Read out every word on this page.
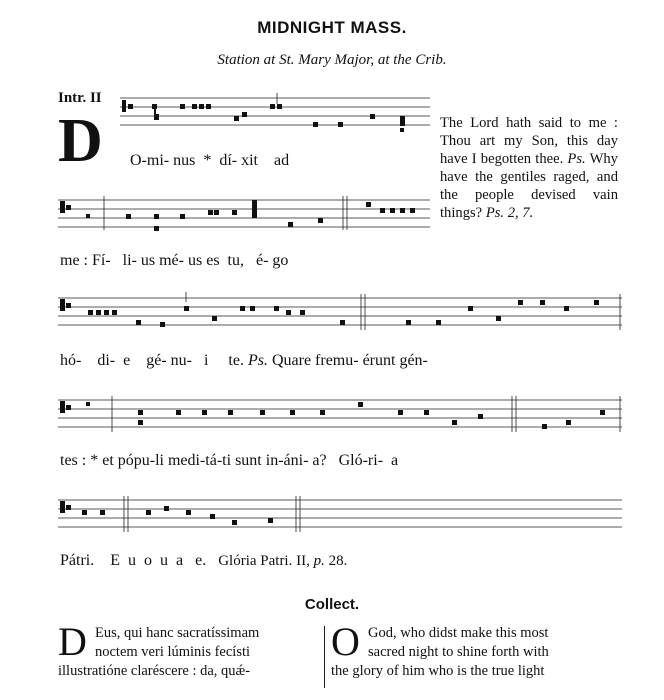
MIDNIGHT MASS.
Station at St. Mary Major, at the Crib.
Intr. II
D O-mi- nus  *  dí- xit    ad
me : Fí-   li- us mé- us es  tu,   é- go
hó-    di-  e    gé- nu-   i     te. Ps. Quare fremu- érunt gén-
tes : * et pópu-li medi-tá-ti sunt in-áni- a?   Gló-ri-  a
Pátri.    E  u  o  u  a   e. Glória Patri. II, p. 28.
The Lord hath said to me : Thou art my Son, this day have I begotten thee. Ps. Why have the gentiles raged, and the people devised vain things? Ps. 2, 7.
Collect.
D Eus, qui hanc sacratíssimam
noctem veri lúminis fecísti
illustratióne claréscere : da, quǽ-
O God, who didst make this most
sacred night to shine forth with
the glory of him who is the true light
